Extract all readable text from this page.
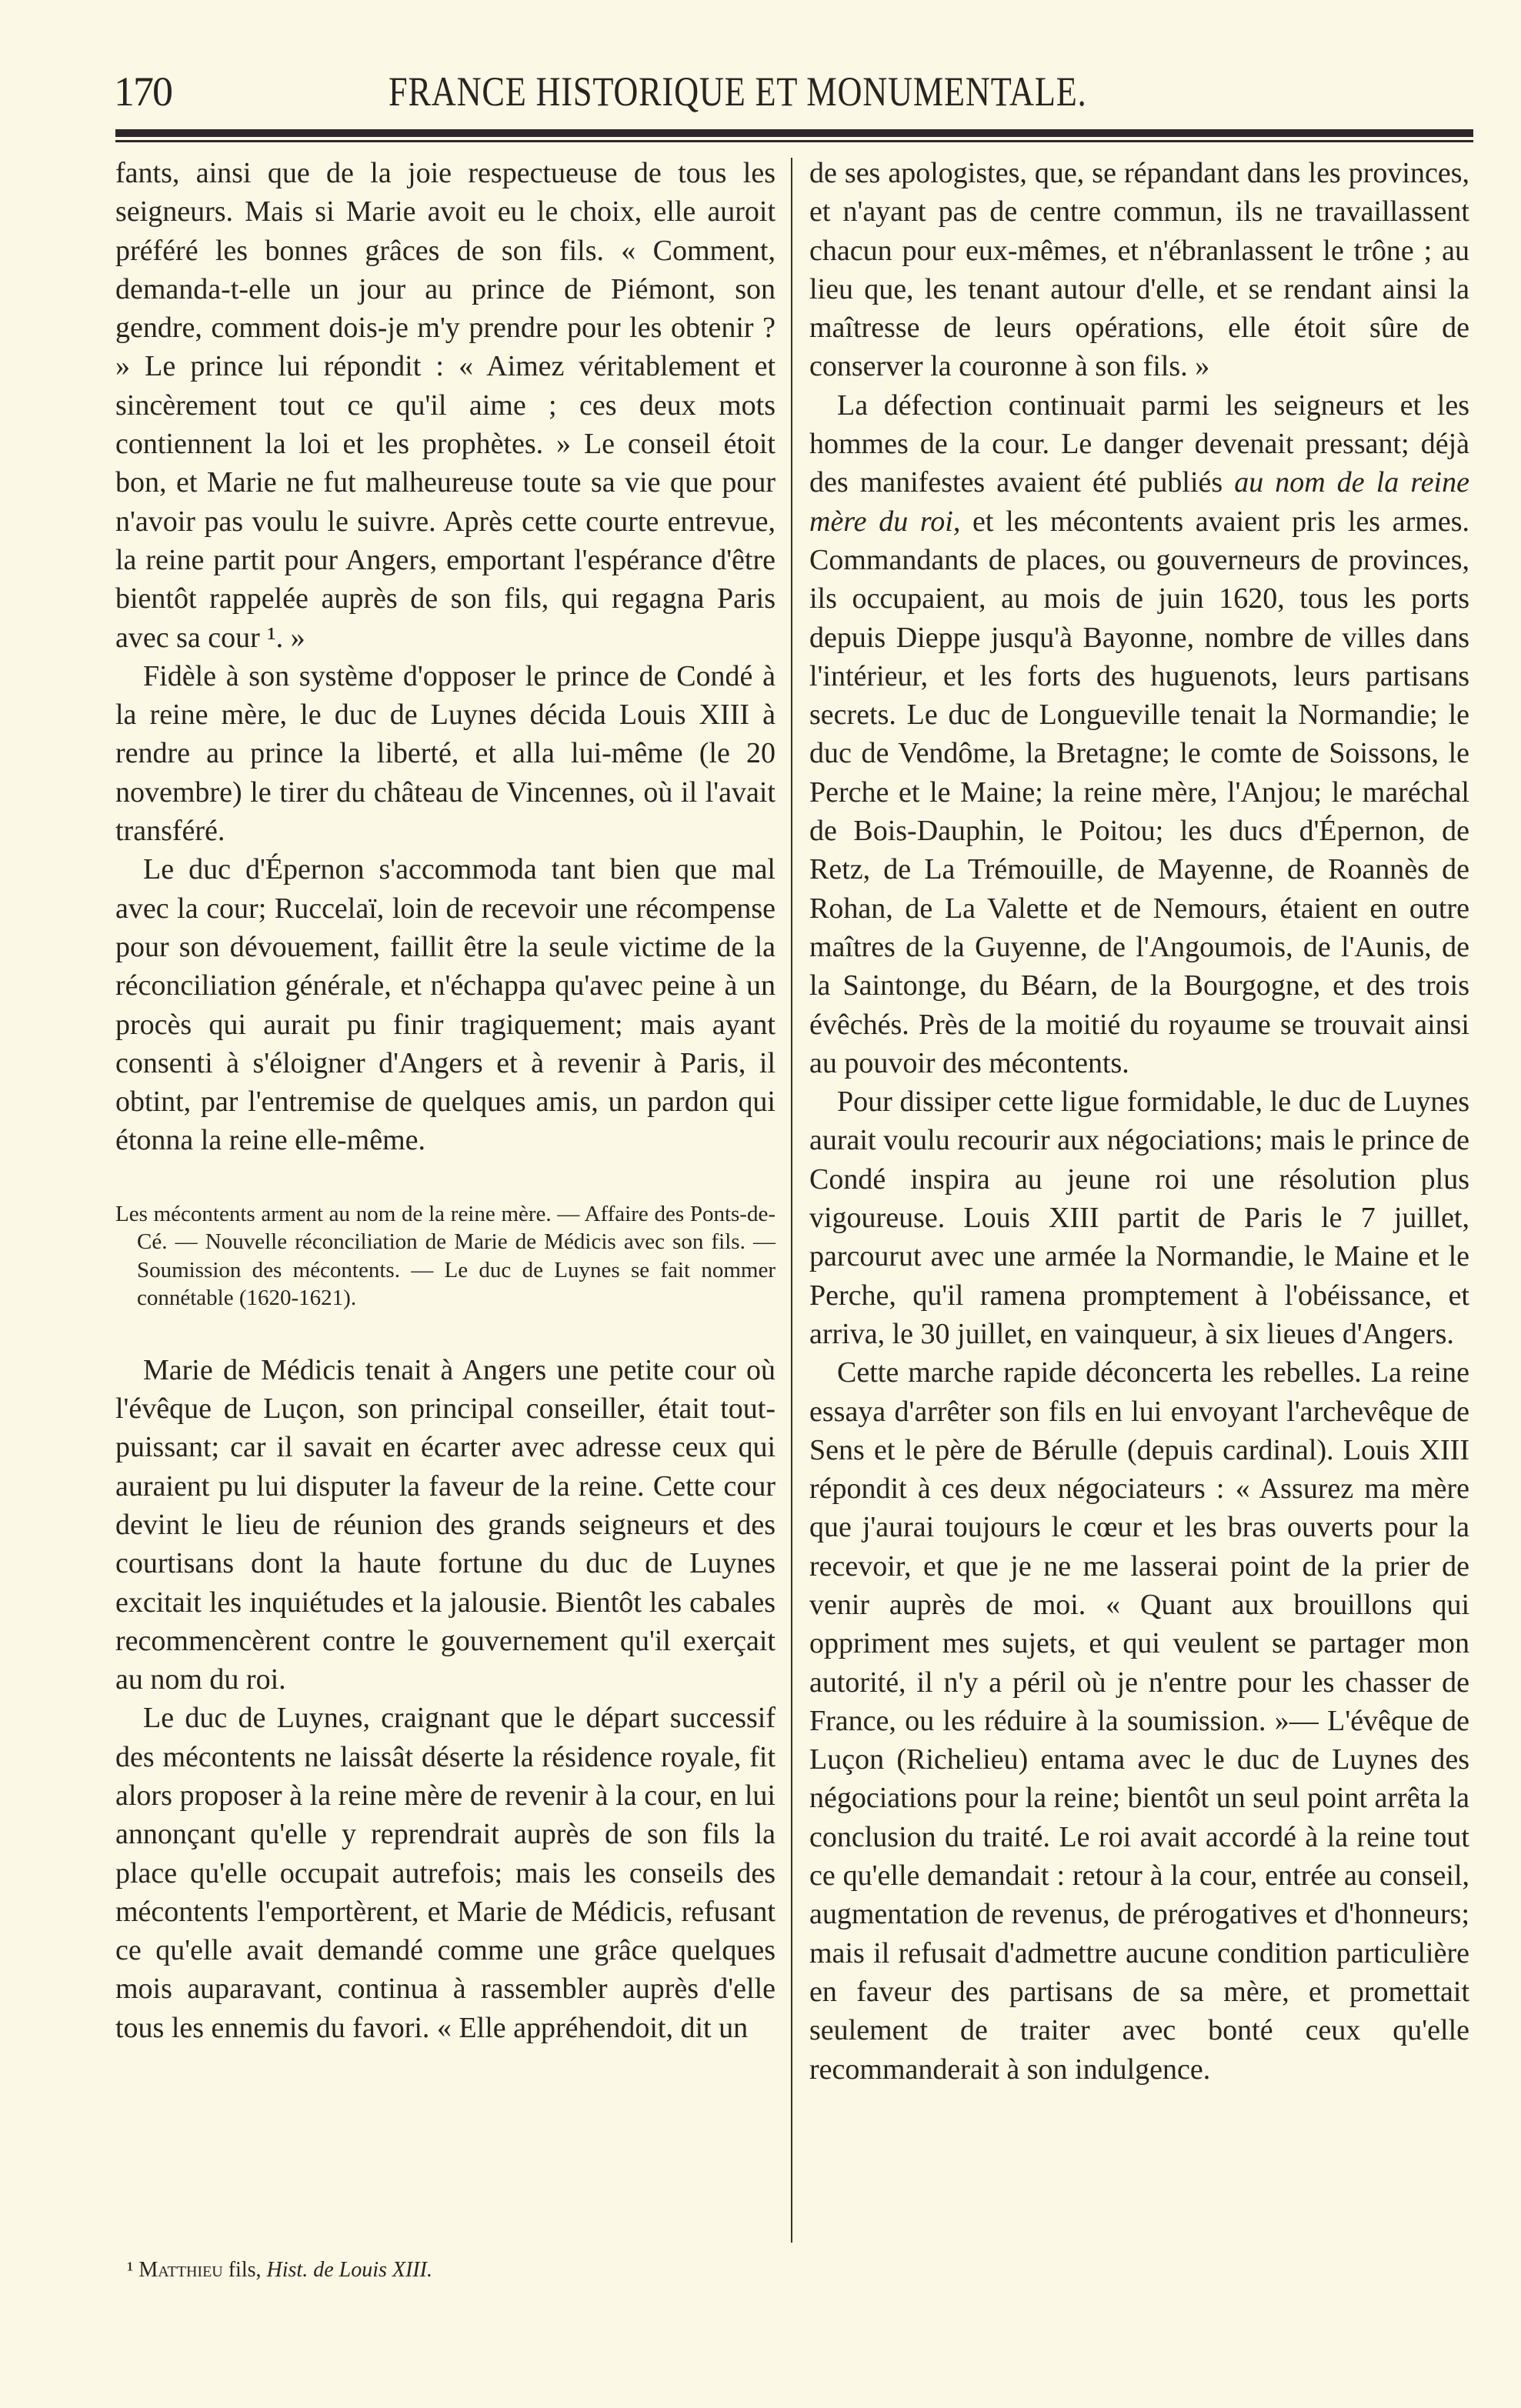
170	FRANCE HISTORIQUE ET MONUMENTALE.

fants, ainsi que de la joie respectueuse de tous les seigneurs. Mais si Marie avoit eu le choix, elle auroit préféré les bonnes grâces de son fils. « Comment, demanda-t-elle un jour au prince de Piémont, son gendre, comment dois-je m'y prendre pour les obtenir ? » Le prince lui répondit : « Aimez véritablement et sincèrement tout ce qu'il aime ; ces deux mots contiennent la loi et les prophètes. » Le conseil étoit bon, et Marie ne fut malheureuse toute sa vie que pour n'avoir pas voulu le suivre. Après cette courte entrevue, la reine partit pour Angers, emportant l'espérance d'être bientôt rappelée auprès de son fils, qui regagna Paris avec sa cour ¹. »

Fidèle à son système d'opposer le prince de Condé à la reine mère, le duc de Luynes décida Louis XIII à rendre au prince la liberté, et alla lui-même (le 20 novembre) le tirer du château de Vincennes, où il l'avait transféré.

Le duc d'Épernon s'accommoda tant bien que mal avec la cour; Ruccelaï, loin de recevoir une récompense pour son dévouement, faillit être la seule victime de la réconciliation générale, et n'échappa qu'avec peine à un procès qui aurait pu finir tragiquement; mais ayant consenti à s'éloigner d'Angers et à revenir à Paris, il obtint, par l'entremise de quelques amis, un pardon qui étonna la reine elle-même.

Les mécontents arment au nom de la reine mère. — Affaire des Ponts-de-Cé. — Nouvelle réconciliation de Marie de Médicis avec son fils. — Soumission des mécontents. — Le duc de Luynes se fait nommer connétable (1620-1621).

Marie de Médicis tenait à Angers une petite cour où l'évêque de Luçon, son principal conseiller, était tout-puissant; car il savait en écarter avec adresse ceux qui auraient pu lui disputer la faveur de la reine. Cette cour devint le lieu de réunion des grands seigneurs et des courtisans dont la haute fortune du duc de Luynes excitait les inquiétudes et la jalousie. Bientôt les cabales recommencèrent contre le gouvernement qu'il exerçait au nom du roi.

Le duc de Luynes, craignant que le départ successif des mécontents ne laissât déserte la résidence royale, fit alors proposer à la reine mère de revenir à la cour, en lui annonçant qu'elle y reprendrait auprès de son fils la place qu'elle occupait autrefois; mais les conseils des mécontents l'emportèrent, et Marie de Médicis, refusant ce qu'elle avait demandé comme une grâce quelques mois auparavant, continua à rassembler auprès d'elle tous les ennemis du favori. « Elle appréhendoit, dit un

de ses apologistes, que, se répandant dans les provinces, et n'ayant pas de centre commun, ils ne travaillassent chacun pour eux-mêmes, et n'ébranlassent le trône ; au lieu que, les tenant autour d'elle, et se rendant ainsi la maîtresse de leurs opérations, elle étoit sûre de conserver la couronne à son fils. »

La défection continuait parmi les seigneurs et les hommes de la cour. Le danger devenait pressant; déjà des manifestes avaient été publiés au nom de la reine mère du roi, et les mécontents avaient pris les armes. Commandants de places, ou gouverneurs de provinces, ils occupaient, au mois de juin 1620, tous les ports depuis Dieppe jusqu'à Bayonne, nombre de villes dans l'intérieur, et les forts des huguenots, leurs partisans secrets. Le duc de Longueville tenait la Normandie; le duc de Vendôme, la Bretagne; le comte de Soissons, le Perche et le Maine; la reine mère, l'Anjou; le maréchal de Bois-Dauphin, le Poitou; les ducs d'Épernon, de Retz, de La Trémouille, de Mayenne, de Roannès de Rohan, de La Valette et de Nemours, étaient en outre maîtres de la Guyenne, de l'Angoumois, de l'Aunis, de la Saintonge, du Béarn, de la Bourgogne, et des trois évêchés. Près de la moitié du royaume se trouvait ainsi au pouvoir des mécontents.

Pour dissiper cette ligue formidable, le duc de Luynes aurait voulu recourir aux négociations; mais le prince de Condé inspira au jeune roi une résolution plus vigoureuse. Louis XIII partit de Paris le 7 juillet, parcourut avec une armée la Normandie, le Maine et le Perche, qu'il ramena promptement à l'obéissance, et arriva, le 30 juillet, en vainqueur, à six lieues d'Angers.

Cette marche rapide déconcerta les rebelles. La reine essaya d'arrêter son fils en lui envoyant l'archevêque de Sens et le père de Bérulle (depuis cardinal). Louis XIII répondit à ces deux négociateurs : « Assurez ma mère que j'aurai toujours le cœur et les bras ouverts pour la recevoir, et que je ne me lasserai point de la prier de venir auprès de moi. « Quant aux brouillons qui oppriment mes sujets, et qui veulent se partager mon autorité, il n'y a péril où je n'entre pour les chasser de France, ou les réduire à la soumission. »— L'évêque de Luçon (Richelieu) entama avec le duc de Luynes des négociations pour la reine; bientôt un seul point arrêta la conclusion du traité. Le roi avait accordé à la reine tout ce qu'elle demandait : retour à la cour, entrée au conseil, augmentation de revenus, de prérogatives et d'honneurs; mais il refusait d'admettre aucune condition particulière en faveur des partisans de sa mère, et promettait seulement de traiter avec bonté ceux qu'elle recommanderait à son indulgence.

¹ Matthieu fils, Hist. de Louis XIII.
